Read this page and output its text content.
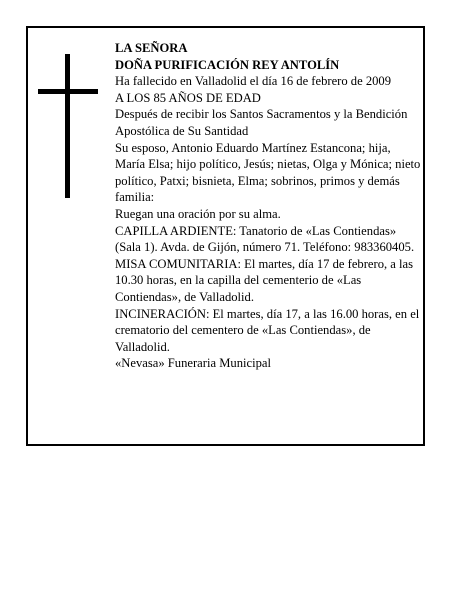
LA SEÑORA

DOÑA PURIFICACIÓN REY ANTOLÍN

Ha fallecido en Valladolid el día 16 de febrero de 2009

A LOS 85 AÑOS DE EDAD

Después de recibir los Santos Sacramentos y la Bendición Apostólica de Su Santidad

Su esposo, Antonio Eduardo Martínez Estancona; hija, María Elsa; hijo político, Jesús; nietas, Olga y Mónica; nieto político, Patxi; bisnieta, Elma; sobrinos, primos y demás familia:

Ruegan una oración por su alma.

CAPILLA ARDIENTE: Tanatorio de «Las Contiendas» (Sala 1). Avda. de Gijón, número 71. Teléfono: 983360405.

MISA COMUNITARIA: El martes, día 17 de febrero, a las 10.30 horas, en la capilla del cementerio de «Las Contiendas», de Valladolid.

INCINERACIÓN: El martes, día 17, a las 16.00 horas, en el crematorio del cementero de «Las Contiendas», de Valladolid.

«Nevasa» Funeraria Municipal
